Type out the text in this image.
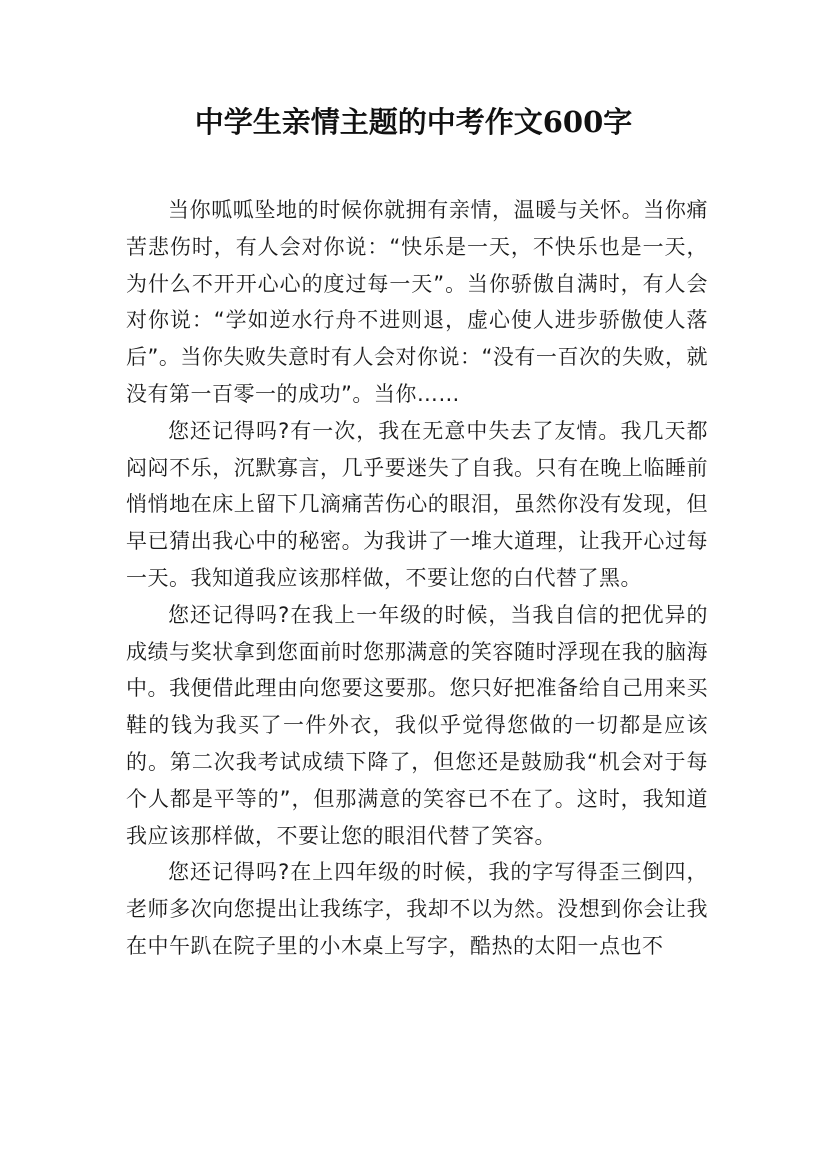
中学生亲情主题的中考作文600字

当你呱呱坠地的时候你就拥有亲情，温暖与关怀。当你痛苦悲伤时，有人会对你说：“快乐是一天，不快乐也是一天，为什么不开开心心的度过每一天”。当你骄傲自满时，有人会对你说：“学如逆水行舟不进则退，虚心使人进步骄傲使人落后”。当你失败失意时有人会对你说：“没有一百次的失败，就没有第一百零一的成功”。当你……

您还记得吗?有一次，我在无意中失去了友情。我几天都闷闷不乐，沉默寡言，几乎要迷失了自我。只有在晚上临睡前悄悄地在床上留下几滴痛苦伤心的眼泪，虽然你没有发现，但早已猜出我心中的秘密。为我讲了一堆大道理，让我开心过每一天。我知道我应该那样做，不要让您的白代替了黑。

您还记得吗?在我上一年级的时候，当我自信的把优异的成绩与奖状拿到您面前时您那满意的笑容随时浮现在我的脑海中。我便借此理由向您要这要那。您只好把准备给自己用来买鞋的钱为我买了一件外衣，我似乎觉得您做的一切都是应该的。第二次我考试成绩下降了，但您还是鼓励我“机会对于每个人都是平等的”，但那满意的笑容已不在了。这时，我知道我应该那样做，不要让您的眼泪代替了笑容。

您还记得吗?在上四年级的时候，我的字写得歪三倒四，老师多次向您提出让我练字，我却不以为然。没想到你会让我在中午趴在院子里的小木桌上写字，酷热的太阳一点也不
